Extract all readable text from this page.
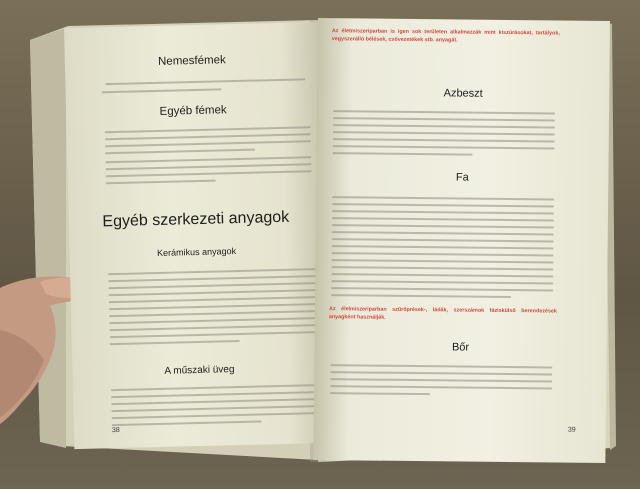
Nemesfémek
Egyéb fémek
Egyéb szerkezeti anyagok
Kerámikus anyagok
A műszaki üveg
38
Az életmiszeriparban is igen sok területen alkalmazzák mint kiszúrásokat, tartályok, vegyszerálló bélések, csővezetékek stb. anyagát.
Azbeszt
Fa
Az élelmiszeriparban szűrőprések-, ládák, szerszámok fáziskülső berendezések anyagként használják.
Bőr
39
